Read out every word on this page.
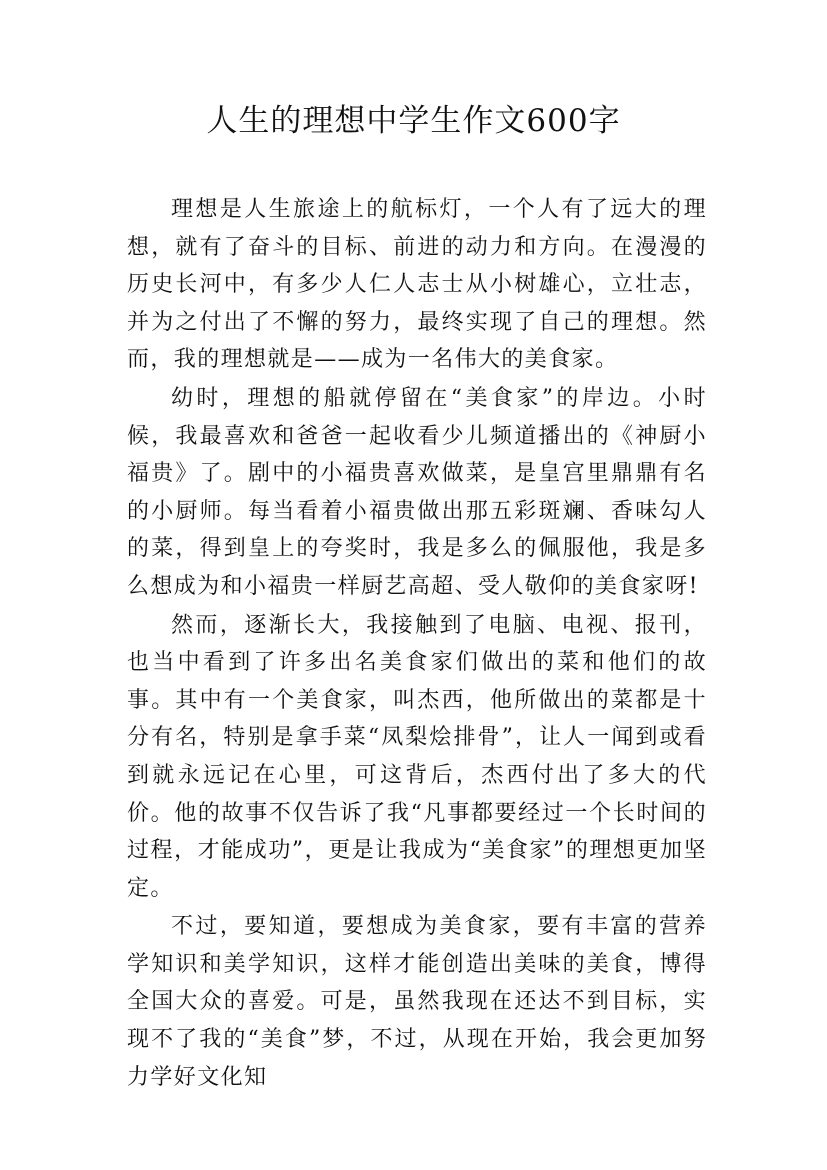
人生的理想中学生作文600字

理想是人生旅途上的航标灯，一个人有了远大的理想，就有了奋斗的目标、前进的动力和方向。在漫漫的历史长河中，有多少人仁人志士从小树雄心，立壮志，并为之付出了不懈的努力，最终实现了自己的理想。然而，我的理想就是——成为一名伟大的美食家。

幼时，理想的船就停留在“美食家”的岸边。小时候，我最喜欢和爸爸一起收看少儿频道播出的《神厨小福贵》了。剧中的小福贵喜欢做菜，是皇宫里鼎鼎有名的小厨师。每当看着小福贵做出那五彩斑斓、香味勾人的菜，得到皇上的夸奖时，我是多么的佩服他，我是多么想成为和小福贵一样厨艺高超、受人敬仰的美食家呀!

然而，逐渐长大，我接触到了电脑、电视、报刊，也当中看到了许多出名美食家们做出的菜和他们的故事。其中有一个美食家，叫杰西，他所做出的菜都是十分有名，特别是拿手菜“凤梨烩排骨”，让人一闻到或看到就永远记在心里，可这背后，杰西付出了多大的代价。他的故事不仅告诉了我“凡事都要经过一个长时间的过程，才能成功”，更是让我成为“美食家”的理想更加坚定。

不过，要知道，要想成为美食家，要有丰富的营养学知识和美学知识，这样才能创造出美味的美食，博得全国大众的喜爱。可是，虽然我现在还达不到目标，实现不了我的“美食”梦，不过，从现在开始，我会更加努力学好文化知
